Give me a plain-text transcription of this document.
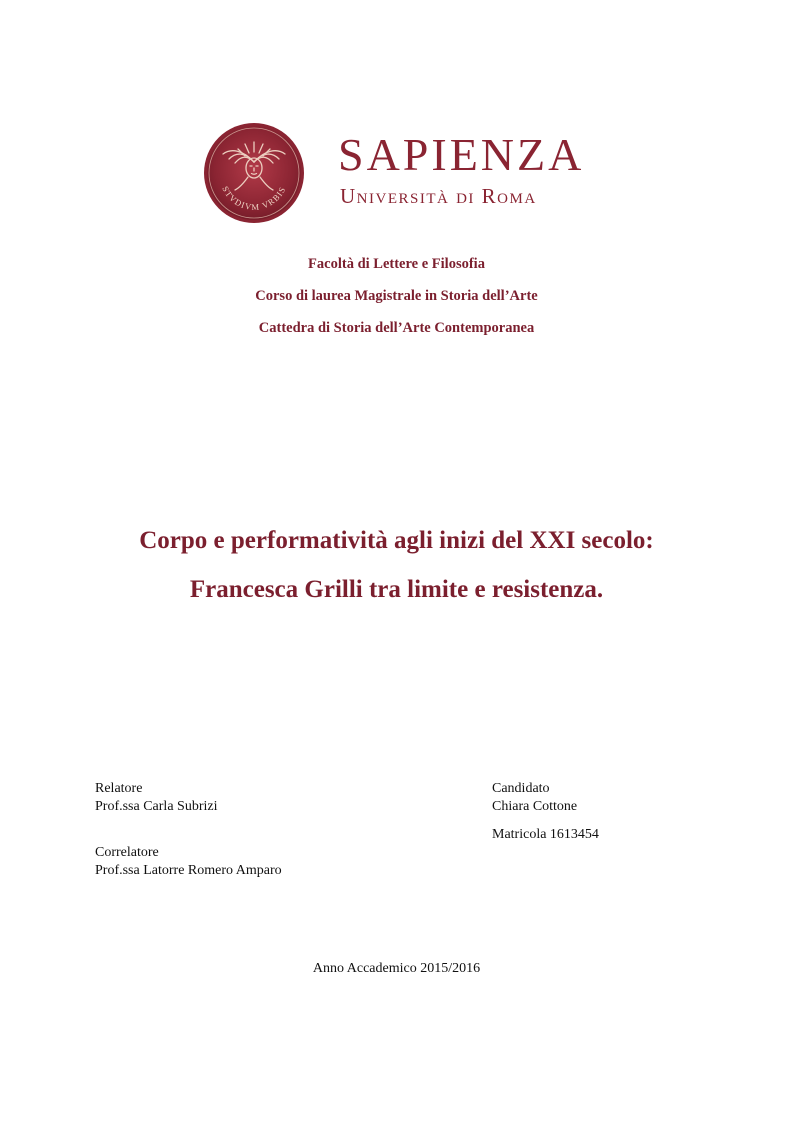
STVDIVM VRBIS
SAPIENZA
Università di Roma
Facoltà di Lettere e Filosofia
Corso di laurea Magistrale in Storia dell’Arte
Cattedra di Storia dell’Arte Contemporanea
Corpo e performatività agli inizi del XXI secolo:
Francesca Grilli tra limite e resistenza.
Relatore
Prof.ssa Carla Subrizi
Correlatore
Prof.ssa Latorre Romero Amparo
Candidato
Chiara Cottone
Matricola 1613454
Anno Accademico 2015/2016
